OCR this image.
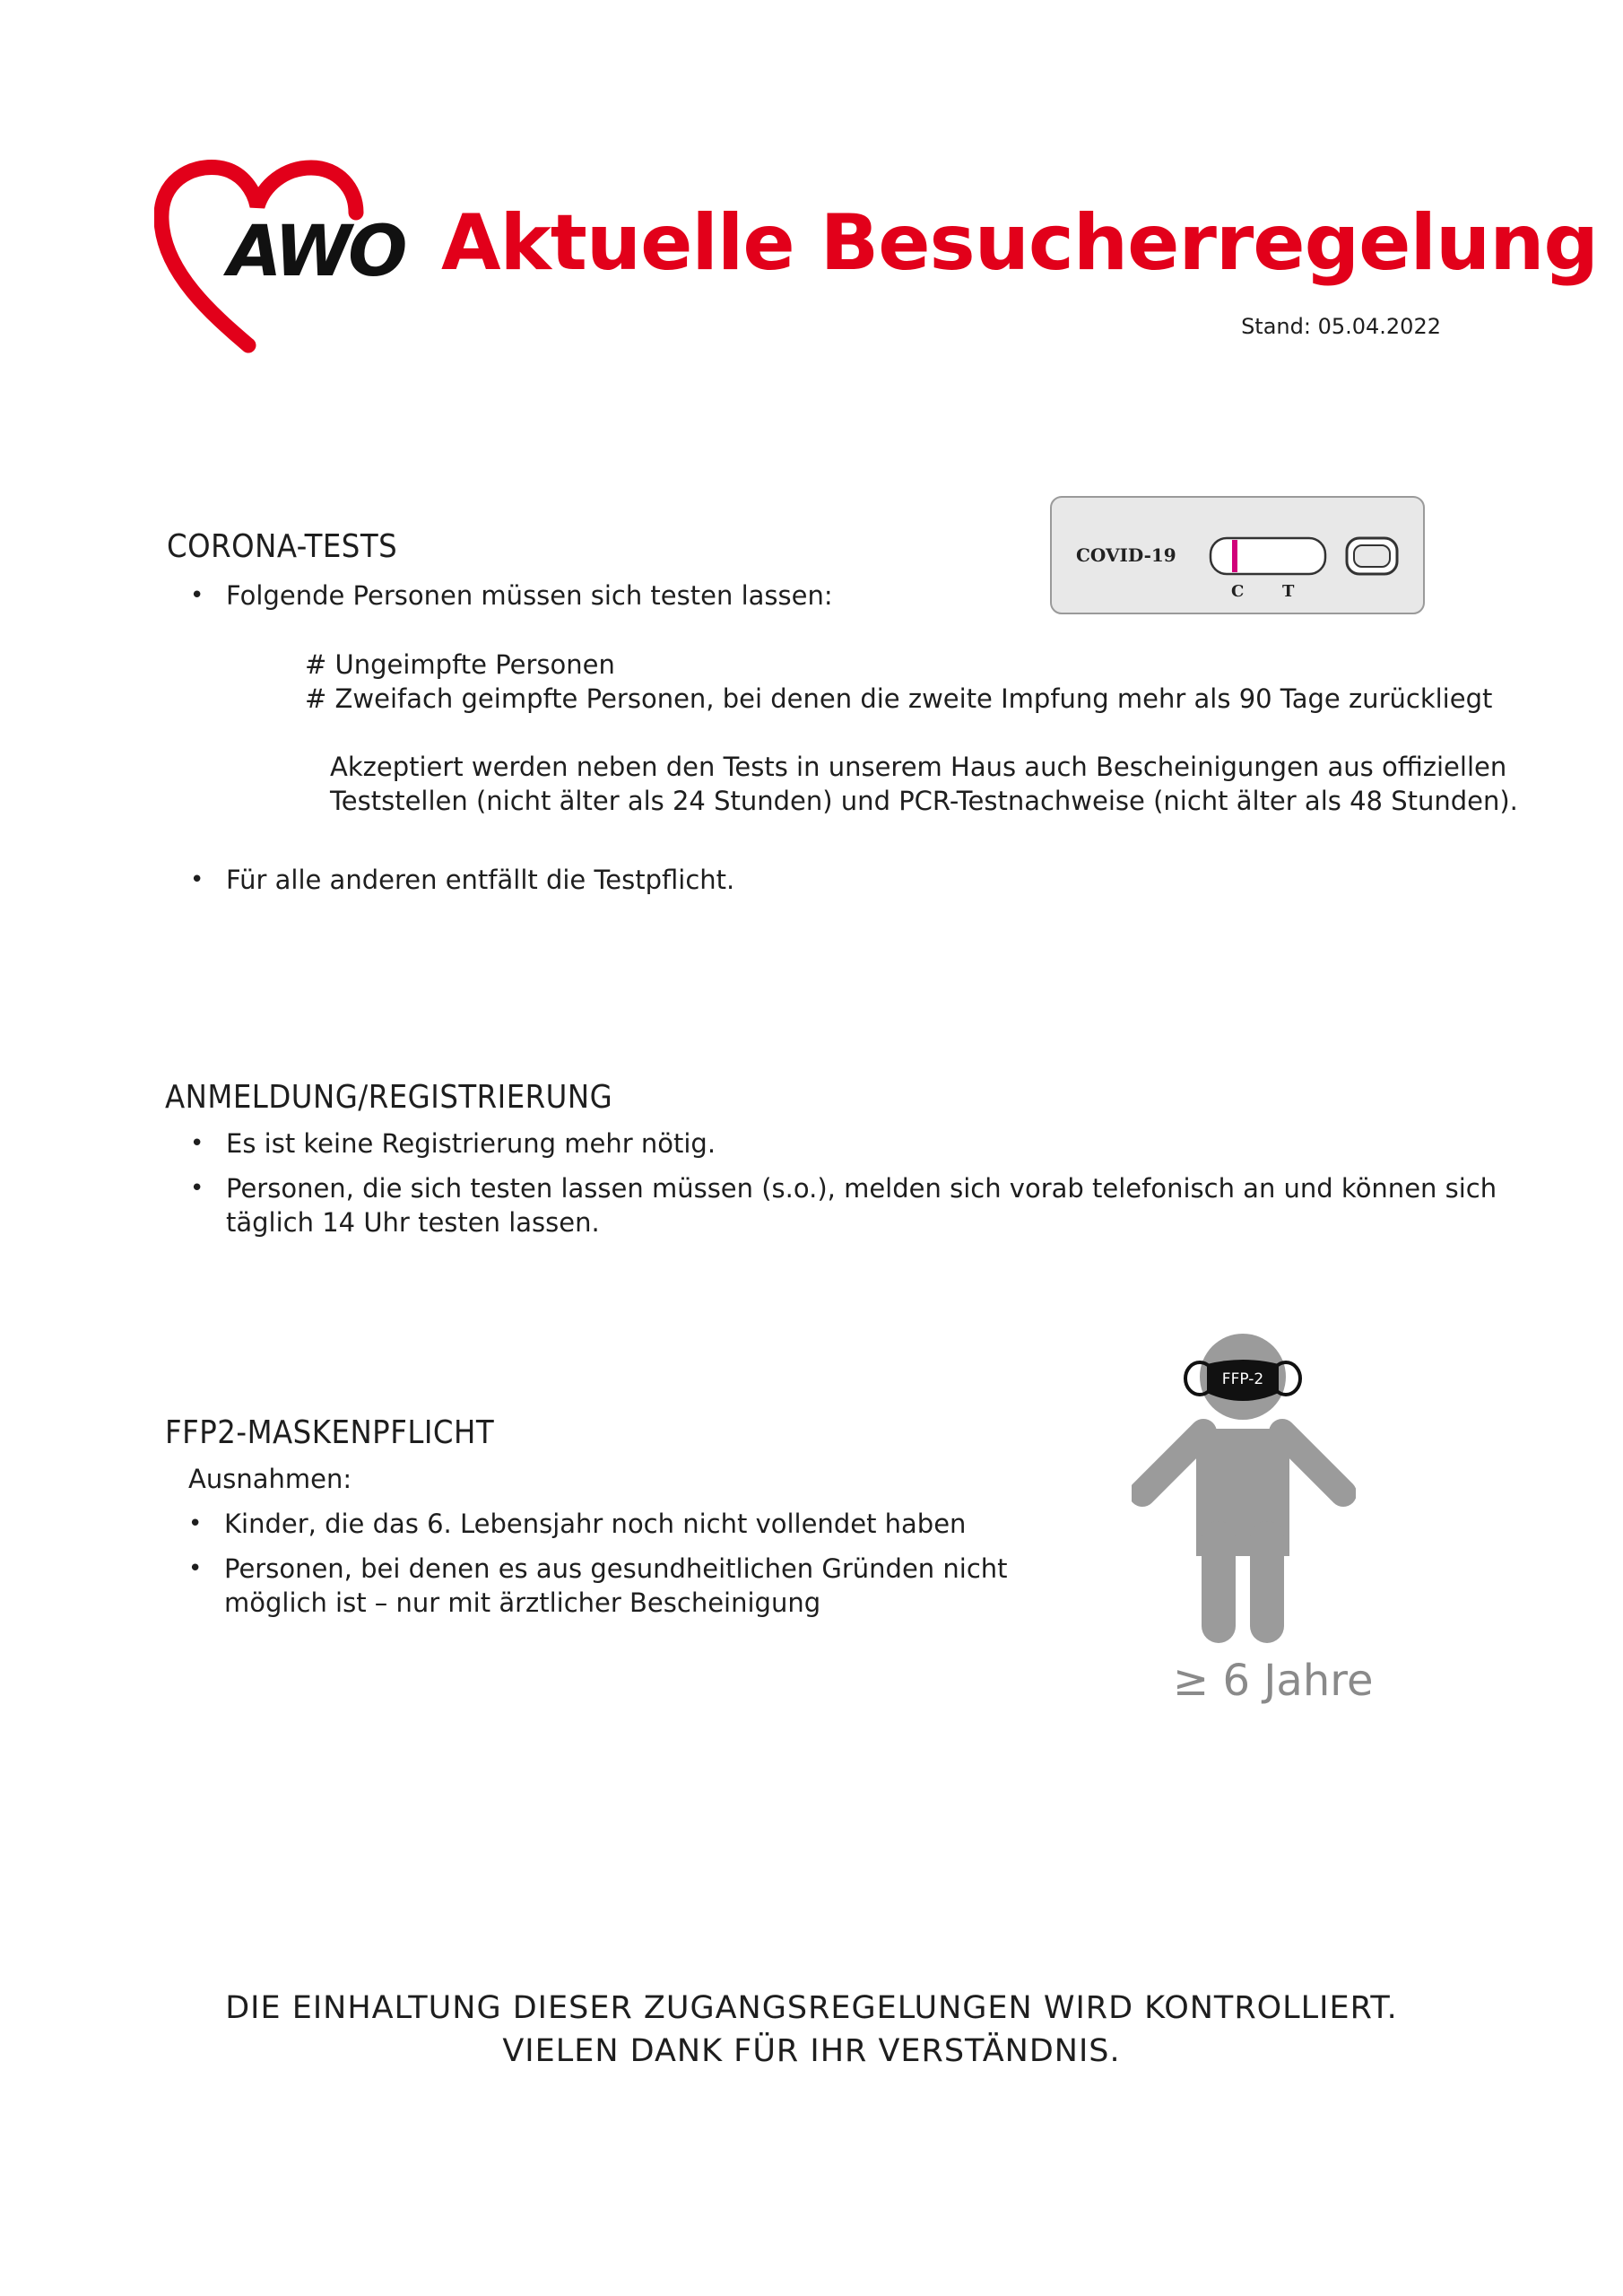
AWO Aktuelle Besucherregelung
Stand: 05.04.2022
COVID-19
C T
CORONA-TESTS
• Folgende Personen müssen sich testen lassen:
# Ungeimpfte Personen
# Zweifach geimpfte Personen, bei denen die zweite Impfung mehr als 90 Tage zurückliegt
Akzeptiert werden neben den Tests in unserem Haus auch Bescheinigungen aus offiziellen
Teststellen (nicht älter als 24 Stunden) und PCR-Testnachweise (nicht älter als 48 Stunden).
• Für alle anderen entfällt die Testpflicht.
ANMELDUNG/REGISTRIERUNG
• Es ist keine Registrierung mehr nötig.
• Personen, die sich testen lassen müssen (s.o.), melden sich vorab telefonisch an und können sich
täglich 14 Uhr testen lassen.
FFP2-MASKENPFLICHT
Ausnahmen:
• Kinder, die das 6. Lebensjahr noch nicht vollendet haben
• Personen, bei denen es aus gesundheitlichen Gründen nicht
möglich ist – nur mit ärztlicher Bescheinigung
FFP-2
≥ 6 Jahre
DIE EINHALTUNG DIESER ZUGANGSREGELUNGEN WIRD KONTROLLIERT.
VIELEN DANK FÜR IHR VERSTÄNDNIS.
